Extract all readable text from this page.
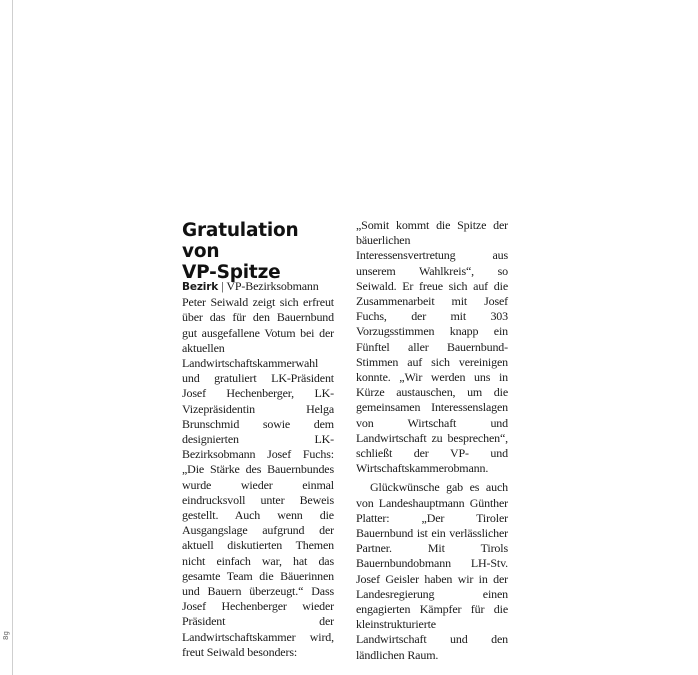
8g
Gratulation von
VP-Spitze

Bezirk | VP-Bezirksobmann Peter Seiwald zeigt sich erfreut über das für den Bauernbund gut ausgefallene Votum bei der aktuellen Landwirtschaftskammerwahl und gratuliert LK-Präsident Josef Hechenberger, LK-Vizepräsidentin Helga Brunschmid sowie dem designierten LK-Bezirksobmann Josef Fuchs: „Die Stärke des Bauernbundes wurde wieder einmal eindrucksvoll unter Beweis gestellt. Auch wenn die Ausgangslage aufgrund der aktuell diskutierten Themen nicht einfach war, hat das gesamte Team die Bäuerinnen und Bauern überzeugt.“ Dass Josef Hechenberger wieder Präsident der Landwirtschaftskammer wird, freut Seiwald besonders:

„Somit kommt die Spitze der bäuerlichen Interessensvertretung aus unserem Wahlkreis“, so Seiwald. Er freue sich auf die Zusammenarbeit mit Josef Fuchs, der mit 303 Vorzugsstimmen knapp ein Fünftel aller Bauernbund-Stimmen auf sich vereinigen konnte. „Wir werden uns in Kürze austauschen, um die gemeinsamen Interessenslagen von Wirtschaft und Landwirtschaft zu besprechen“, schließt der VP- und Wirtschaftskammerobmann.

Glückwünsche gab es auch von Landeshauptmann Günther Platter: „Der Tiroler Bauernbund ist ein verlässlicher Partner. Mit Tirols Bauernbundobmann LH-Stv. Josef Geisler haben wir in der Landesregierung einen engagierten Kämpfer für die kleinstrukturierte Landwirtschaft und den ländlichen Raum.
